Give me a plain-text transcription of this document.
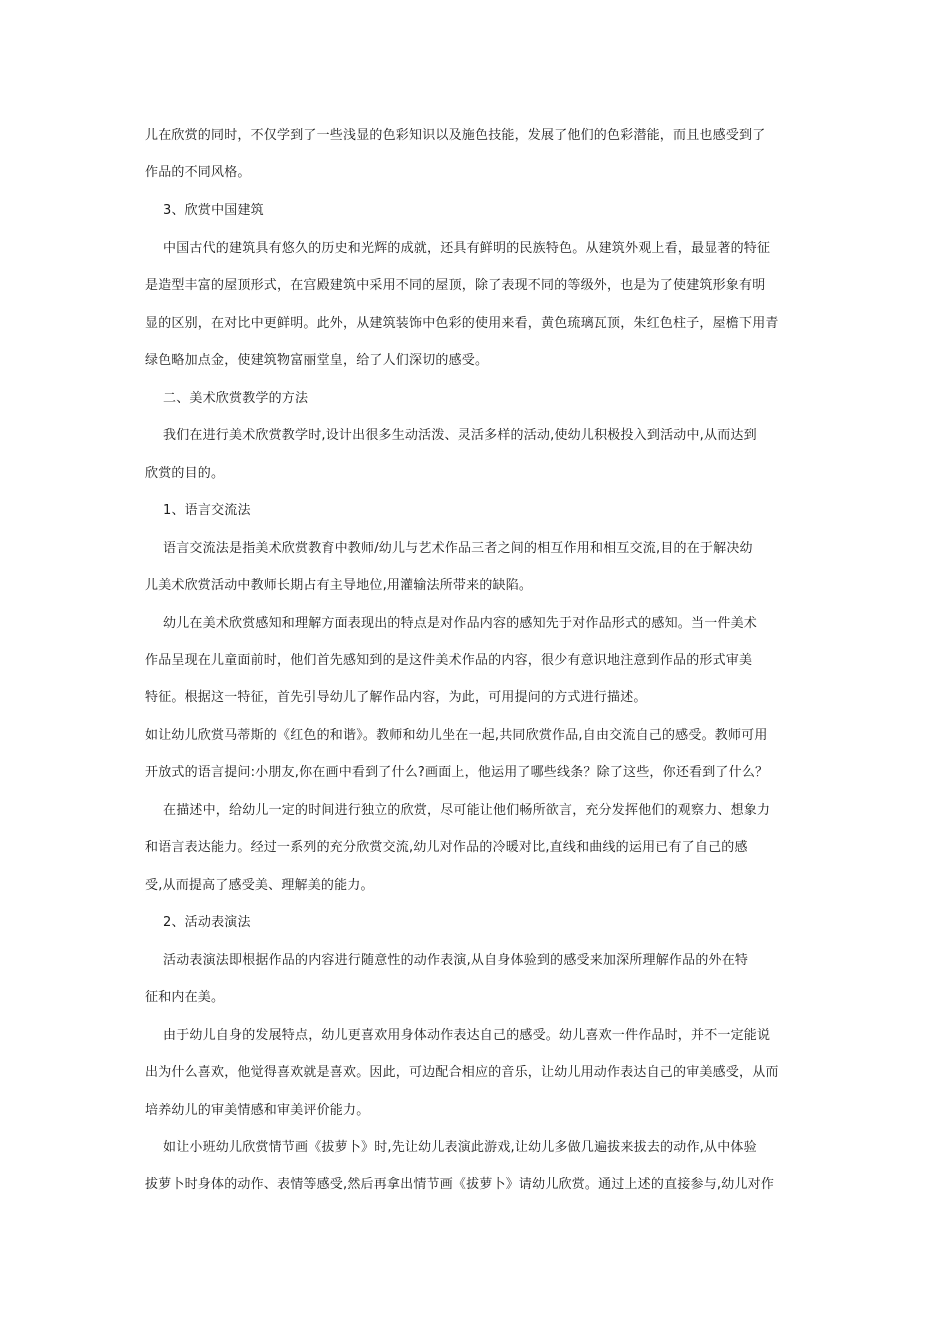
儿在欣赏的同时，不仅学到了一些浅显的色彩知识以及施色技能，发展了他们的色彩潜能，而且也感受到了
作品的不同风格。
3、欣赏中国建筑
中国古代的建筑具有悠久的历史和光辉的成就，还具有鲜明的民族特色。从建筑外观上看，最显著的特征
是造型丰富的屋顶形式，在宫殿建筑中采用不同的屋顶，除了表现不同的等级外，也是为了使建筑形象有明
显的区别，在对比中更鲜明。此外，从建筑装饰中色彩的使用来看，黄色琉璃瓦顶，朱红色柱子，屋檐下用青
绿色略加点金，使建筑物富丽堂皇，给了人们深切的感受。
二、美术欣赏教学的方法
我们在进行美术欣赏教学时,设计出很多生动活泼、灵活多样的活动,使幼儿积极投入到活动中,从而达到
欣赏的目的。
1、语言交流法
语言交流法是指美术欣赏教育中教师/幼儿与艺术作品三者之间的相互作用和相互交流,目的在于解决幼
儿美术欣赏活动中教师长期占有主导地位,用灌输法所带来的缺陷。
幼儿在美术欣赏感知和理解方面表现出的特点是对作品内容的感知先于对作品形式的感知。当一件美术
作品呈现在儿童面前时，他们首先感知到的是这件美术作品的内容，很少有意识地注意到作品的形式审美
特征。根据这一特征，首先引导幼儿了解作品内容，为此，可用提问的方式进行描述。
如让幼儿欣赏马蒂斯的《红色的和谐》。教师和幼儿坐在一起,共同欣赏作品,自由交流自己的感受。教师可用
开放式的语言提问:小朋友,你在画中看到了什么?画面上，他运用了哪些线条？除了这些，你还看到了什么？
在描述中，给幼儿一定的时间进行独立的欣赏，尽可能让他们畅所欲言，充分发挥他们的观察力、想象力
和语言表达能力。经过一系列的充分欣赏交流,幼儿对作品的冷暖对比,直线和曲线的运用已有了自己的感
受,从而提高了感受美、理解美的能力。
2、活动表演法
活动表演法即根据作品的内容进行随意性的动作表演,从自身体验到的感受来加深所理解作品的外在特
征和内在美。
由于幼儿自身的发展特点，幼儿更喜欢用身体动作表达自己的感受。幼儿喜欢一件作品时，并不一定能说
出为什么喜欢，他觉得喜欢就是喜欢。因此，可边配合相应的音乐，让幼儿用动作表达自己的审美感受，从而
培养幼儿的审美情感和审美评价能力。
如让小班幼儿欣赏情节画《拔萝卜》时,先让幼儿表演此游戏,让幼儿多做几遍拔来拔去的动作,从中体验
拔萝卜时身体的动作、表情等感受,然后再拿出情节画《拔萝卜》请幼儿欣赏。通过上述的直接参与,幼儿对作
